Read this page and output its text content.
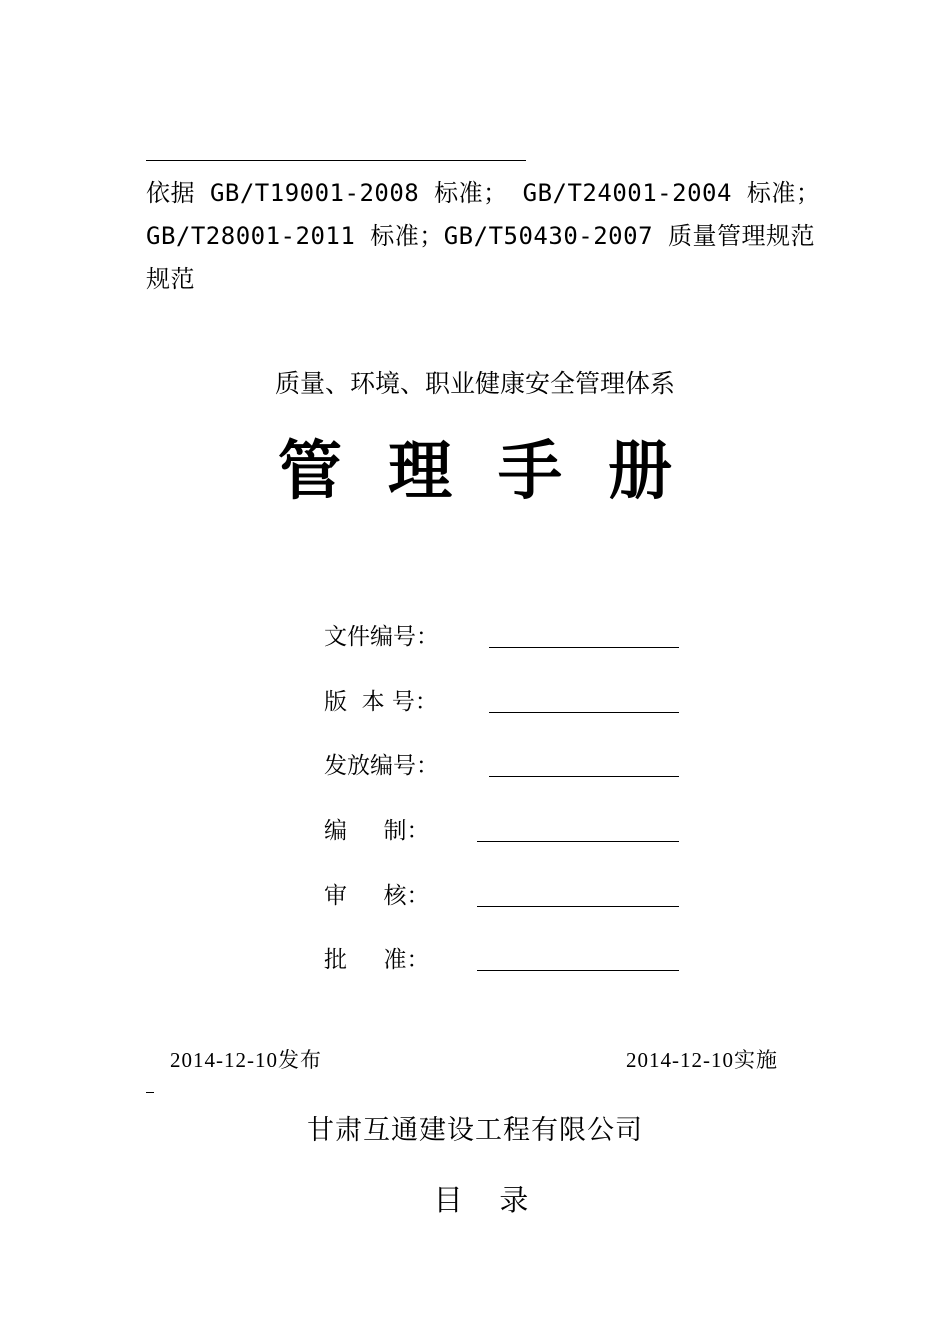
依据 GB/T19001-2008 标准； GB/T24001-2004 标准；
GB/T28001-2011 标准；GB/T50430-2007 质量管理规范
规范
质量、环境、职业健康安全管理体系
管理手册
文件编号：
版  本 号：
发放编号：
编     制：
审     核：
批     准：
2014-12-10发布	2014-12-10实施
甘肃互通建设工程有限公司
目    录
